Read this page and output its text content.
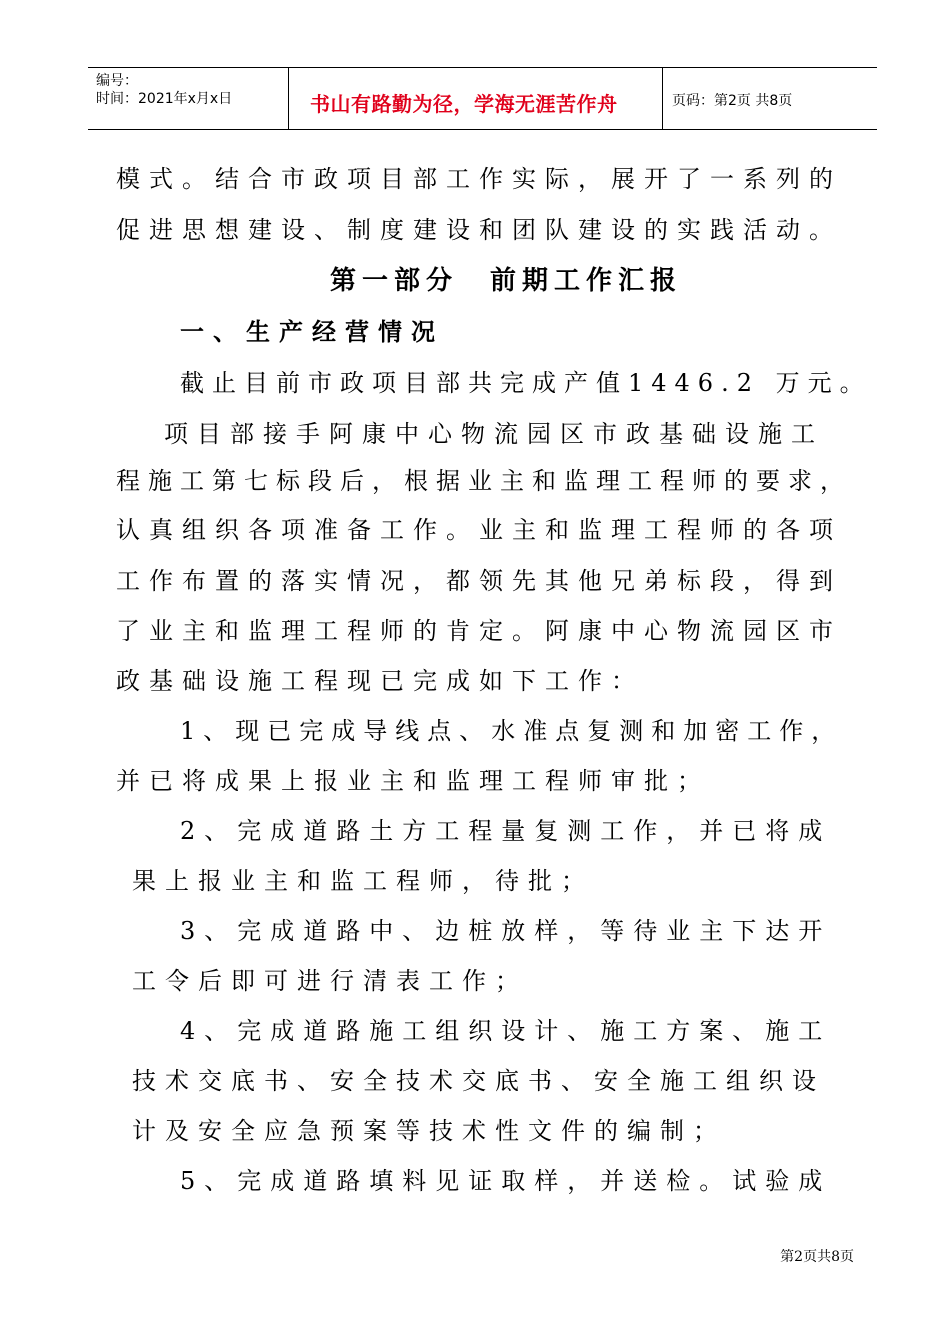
编号：
时间：2021年x月x日	书山有路勤为径，学海无涯苦作舟	页码：第2页 共8页
模式。结合市政项目部工作实际，展开了一系列的
促进思想建设、制度建设和团队建设的实践活动。
第一部分　前期工作汇报
一、生产经营情况
截止目前市政项目部共完成产值1446.2 万元。
项目部接手阿康中心物流园区市政基础设施工
程施工第七标段后，根据业主和监理工程师的要求，
认真组织各项准备工作。业主和监理工程师的各项
工作布置的落实情况，都领先其他兄弟标段，得到
了业主和监理工程师的肯定。阿康中心物流园区市
政基础设施工程现已完成如下工作：
1、现已完成导线点、水准点复测和加密工作，
并已将成果上报业主和监理工程师审批；
2、完成道路土方工程量复测工作，并已将成
果上报业主和监工程师，待批；
3、完成道路中、边桩放样，等待业主下达开
工令后即可进行清表工作；
4、完成道路施工组织设计、施工方案、施工
技术交底书、安全技术交底书、安全施工组织设
计及安全应急预案等技术性文件的编制；
5、完成道路填料见证取样，并送检。试验成
第2页共8页
